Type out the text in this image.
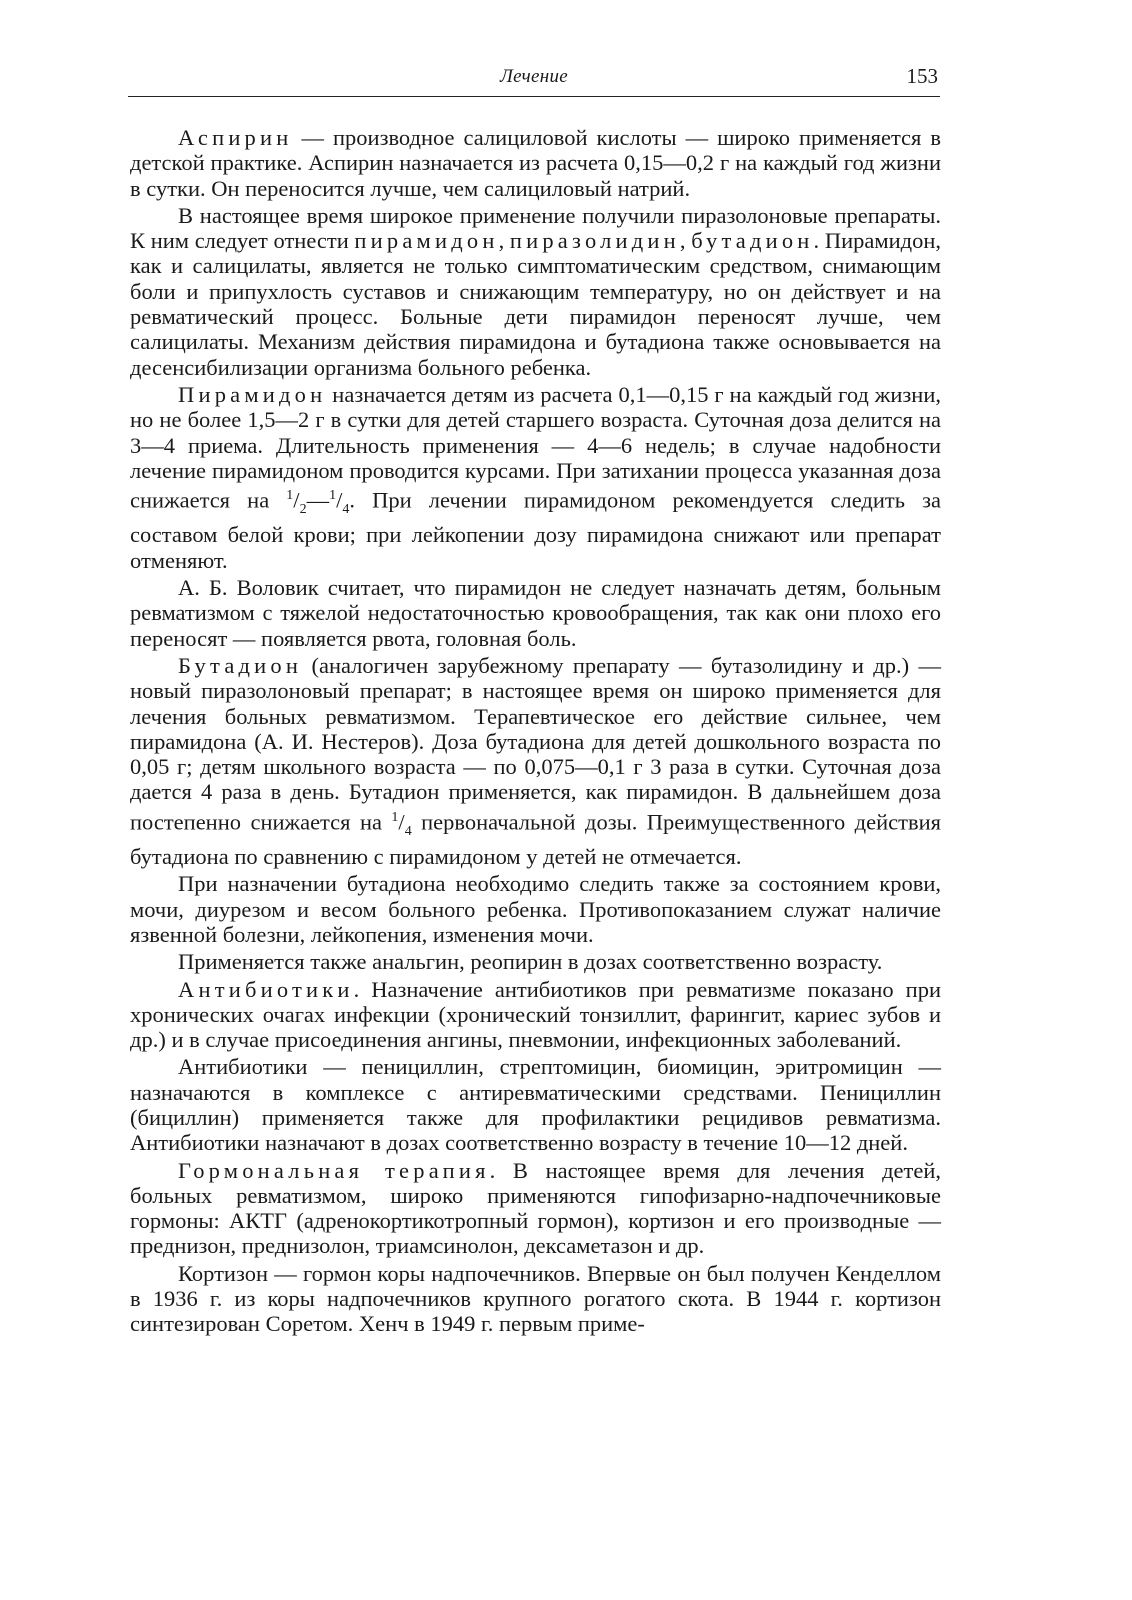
Лечение	153

Аспирин — производное салициловой кислоты — широко применяется в детской практике. Аспирин назначается из расчета 0,15—0,2 г на каждый год жизни в сутки. Он переносится лучше, чем салициловый натрий.

В настоящее время широкое применение получили пиразолоновые препараты. К ним следует отнести пирамидон, пиразолидин, бутадион. Пирамидон, как и салицилаты, является не только симптоматическим средством, снимающим боли и припухлость суставов и снижающим температуру, но он действует и на ревматический процесс. Больные дети пирамидон переносят лучше, чем салицилаты. Механизм действия пирамидона и бутадиона также основывается на десенсибилизации организма больного ребенка.

Пирамидон назначается детям из расчета 0,1—0,15 г на каждый год жизни, но не более 1,5—2 г в сутки для детей старшего возраста. Суточная доза делится на 3—4 приема. Длительность применения — 4—6 недель; в случае надобности лечение пирамидоном проводится курсами. При затихании процесса указанная доза снижается на $^1/_2—^1/_4$. При лечении пирамидоном рекомендуется следить за составом белой крови; при лейкопении дозу пирамидона снижают или препарат отменяют.

А. Б. Воловик считает, что пирамидон не следует назначать детям, больным ревматизмом с тяжелой недостаточностью кровообращения, так как они плохо его переносят — появляется рвота, головная боль.

Бутадион (аналогичен зарубежному препарату — бутазолидину и др.) — новый пиразолоновый препарат; в настоящее время он широко применяется для лечения больных ревматизмом. Терапевтическое его действие сильнее, чем пирамидона (А. И. Нестеров). Доза бутадиона для детей дошкольного возраста по 0,05 г; детям школьного возраста — по 0,075—0,1 г 3 раза в сутки. Суточная доза дается 4 раза в день. Бутадион применяется, как пирамидон. В дальнейшем доза постепенно снижается на $^1/_4$ первоначальной дозы. Преимущественного действия бутадиона по сравнению с пирамидоном у детей не отмечается.

При назначении бутадиона необходимо следить также за состоянием крови, мочи, диурезом и весом больного ребенка. Противопоказанием служат наличие язвенной болезни, лейкопения, изменения мочи.

Применяется также анальгин, реопирин в дозах соответственно возрасту.

Антибиотики. Назначение антибиотиков при ревматизме показано при хронических очагах инфекции (хронический тонзиллит, фарингит, кариес зубов и др.) и в случае присоединения ангины, пневмонии, инфекционных заболеваний.

Антибиотики — пенициллин, стрептомицин, биомицин, эритромицин — назначаются в комплексе с антиревматическими средствами. Пенициллин (бициллин) применяется также для профилактики рецидивов ревматизма. Антибиотики назначают в дозах соответственно возрасту в течение 10—12 дней.

Гормональная терапия. В настоящее время для лечения детей, больных ревматизмом, широко применяются гипофизарно-надпочечниковые гормоны: АКТГ (адренокортикотропный гормон), кортизон и его производные — преднизон, преднизолон, триамсинолон, дексаметазон и др.

Кортизон — гормон коры надпочечников. Впервые он был получен Кенделлом в 1936 г. из коры надпочечников крупного рогатого скота. В 1944 г. кортизон синтезирован Соретом. Хенч в 1949 г. первым приме-
